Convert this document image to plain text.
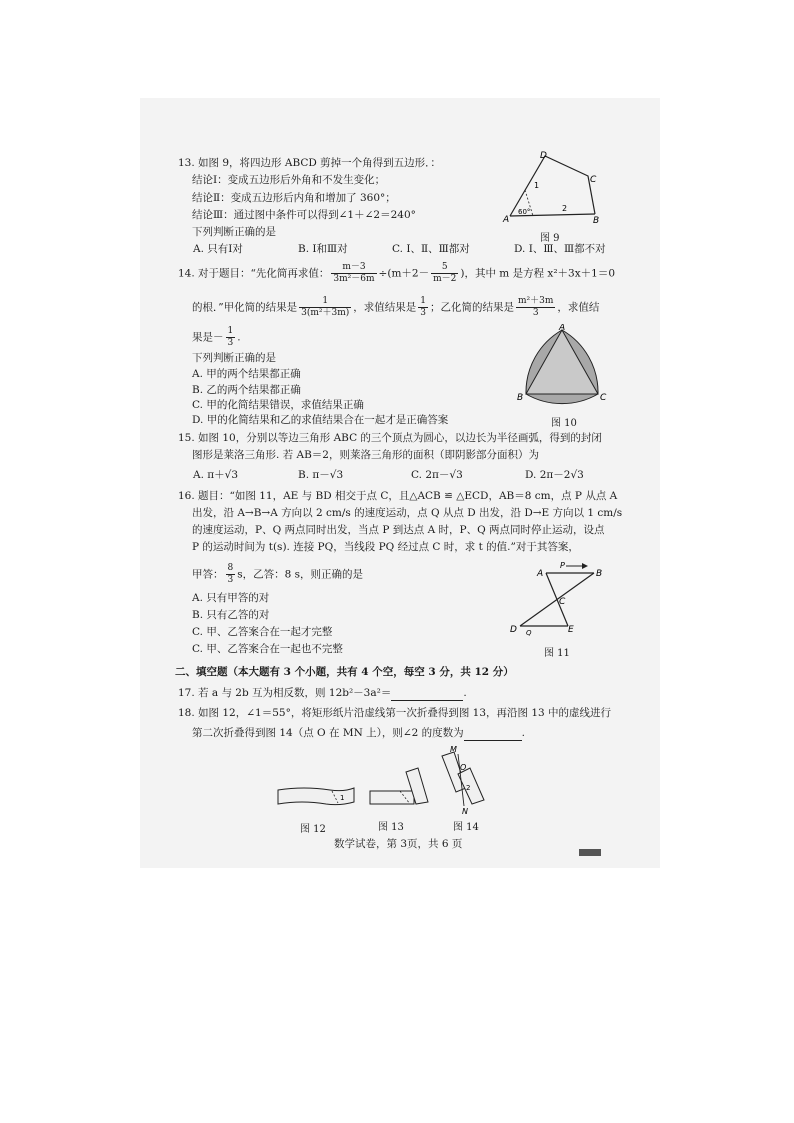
13. 如图 9，将四边形 ABCD 剪掉一个角得到五边形．：
结论Ⅰ：变成五边形后外角和不发生变化；
结论Ⅱ：变成五边形后内角和增加了 360°；
结论Ⅲ：通过图中条件可以得到∠1＋∠2＝240°
下列判断正确的是
A. 只有Ⅰ对	B. Ⅰ和Ⅲ对	C. Ⅰ、Ⅱ、Ⅲ都对	D. Ⅰ、Ⅲ、Ⅲ都不对
D
C
A	B
1
2
60°
图 9
14. 对于题目：“先化简再求值： $\frac{m-3}{\text{3m²－6m}} \div(m+2- \frac{5}{m-2}$ )，其中 m 是方程 x²＋3x＋1＝0
的根．”甲化简的结果是 $\frac{1}{\text{3(m²＋3m)}}$ ，求值结果是 $\frac{1}{3}$ ；乙化简的结果是 $\frac{\text{m²＋3m}}{3}$ ，求值结
果是－ $\frac{1}{3}$ .
下列判断正确的是
A. 甲的两个结果都正确
B. 乙的两个结果都正确
C. 甲的化简结果错误，求值结果正确
D. 甲的化简结果和乙的求值结果合在一起才是正确答案
A
B	C
图 10
15. 如图 10，分别以等边三角形 ABC 的三个顶点为圆心，以边长为半径画弧，得到的封闭
图形是莱洛三角形. 若 AB＝2，则莱洛三角形的面积（即阴影部分面积）为
A. π＋√3	B. π－√3	C. 2π－√3	D. 2π－2√3
16. 题目：“如图 11，AE 与 BD 相交于点 C，且△ACB ≌ △ECD，AB＝8 cm，点 P 从点 A
出发，沿 A→B→A 方向以 2 cm/s 的速度运动，点 Q 从点 D 出发，沿 D→E 方向以 1 cm/s
的速度运动，P、Q 两点同时出发，当点 P 到达点 A 时，P、Q 两点同时停止运动，设点
P 的运动时间为 t(s). 连接 PQ，当线段 PQ 经过点 C 时，求 t 的值.”对于其答案，
甲答： $\frac{8}{3}$ s，乙答：8 s，则正确的是
A. 只有甲答的对
B. 只有乙答的对
C. 甲、乙答案合在一起才完整
C. 甲、乙答案合在一起也不完整
A
P
B
C
D Q	E
图 11
二、填空题（本大题有 3 个小题，共有 4 个空，每空 3 分，共 12 分）
17. 若 a 与 2b 互为相反数，则 12b²－3a²＝	.
18. 如图 12，∠1＝55°，将矩形纸片沿虚线第一次折叠得到图 13，再沿图 13 中的虚线进行
第二次折叠得到图 14（点 O 在 MN 上），则∠2 的度数为	.
1
M
O
N
2
图 12	图 13	图 14
数学试卷，第 3页，共 6 页
